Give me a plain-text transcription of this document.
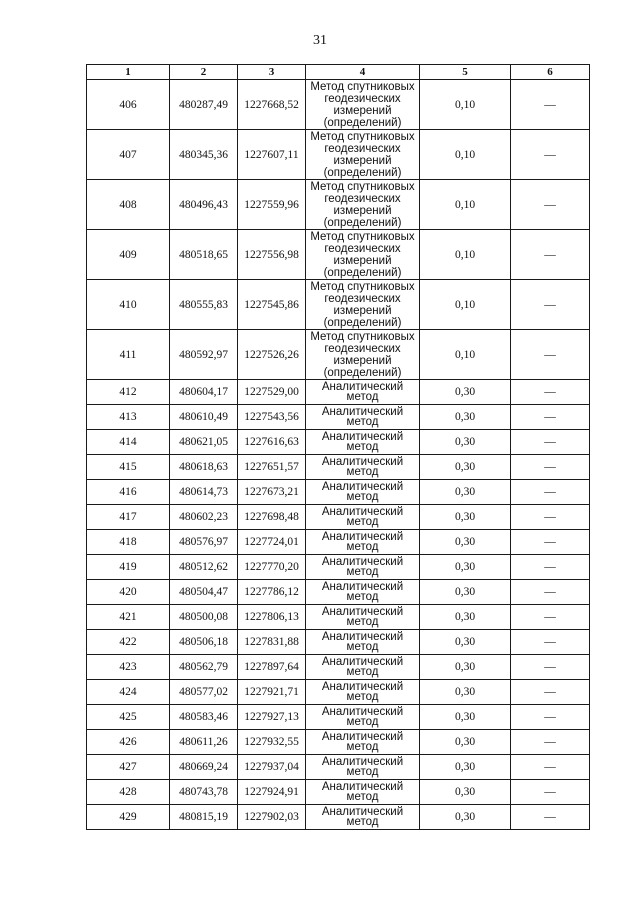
31
1	2	3	4	5	6
406	480287,49	1227668,52	Метод спутниковых геодезических измерений (определений)	0,10	—
407	480345,36	1227607,11	Метод спутниковых геодезических измерений (определений)	0,10	—
408	480496,43	1227559,96	Метод спутниковых геодезических измерений (определений)	0,10	—
409	480518,65	1227556,98	Метод спутниковых геодезических измерений (определений)	0,10	—
410	480555,83	1227545,86	Метод спутниковых геодезических измерений (определений)	0,10	—
411	480592,97	1227526,26	Метод спутниковых геодезических измерений (определений)	0,10	—
412	480604,17	1227529,00	Аналитический метод	0,30	—
413	480610,49	1227543,56	Аналитический метод	0,30	—
414	480621,05	1227616,63	Аналитический метод	0,30	—
415	480618,63	1227651,57	Аналитический метод	0,30	—
416	480614,73	1227673,21	Аналитический метод	0,30	—
417	480602,23	1227698,48	Аналитический метод	0,30	—
418	480576,97	1227724,01	Аналитический метод	0,30	—
419	480512,62	1227770,20	Аналитический метод	0,30	—
420	480504,47	1227786,12	Аналитический метод	0,30	—
421	480500,08	1227806,13	Аналитический метод	0,30	—
422	480506,18	1227831,88	Аналитический метод	0,30	—
423	480562,79	1227897,64	Аналитический метод	0,30	—
424	480577,02	1227921,71	Аналитический метод	0,30	—
425	480583,46	1227927,13	Аналитический метод	0,30	—
426	480611,26	1227932,55	Аналитический метод	0,30	—
427	480669,24	1227937,04	Аналитический метод	0,30	—
428	480743,78	1227924,91	Аналитический метод	0,30	—
429	480815,19	1227902,03	Аналитический метод	0,30	—
